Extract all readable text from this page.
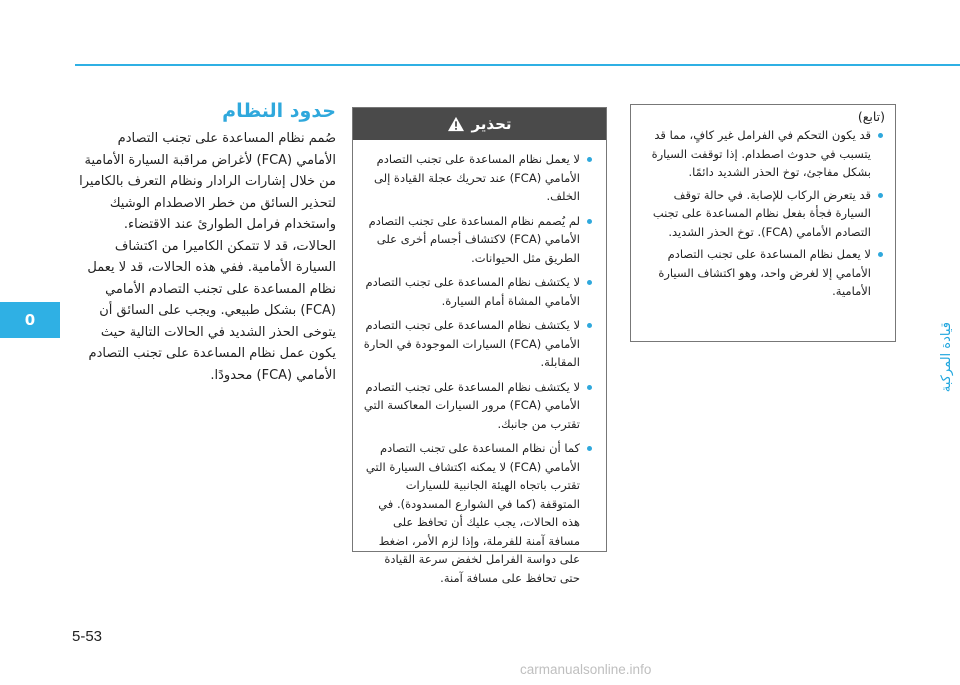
0
قيادة المركبة
5-53
carmanualsonline.info

(تابع)

قد يكون التحكم في الفرامل غير كافٍ، مما قد يتسبب في حدوث اصطدام. إذا توقفت السيارة بشكل مفاجئ، توخ الحذر الشديد دائمًا.
قد يتعرض الركاب للإصابة. في حالة توقف السيارة فجأة بفعل نظام المساعدة على تجنب التصادم الأمامي (FCA). توخ الحذر الشديد.
لا يعمل نظام المساعدة على تجنب التصادم الأمامي إلا لغرض واحد، وهو اكتشاف السيارة الأمامية.
تحذير
لا يعمل نظام المساعدة على تجنب التصادم الأمامي (FCA) عند تحريك عجلة القيادة إلى الخلف.
لم يُصمم نظام المساعدة على تجنب التصادم الأمامي (FCA) لاكتشاف أجسام أخرى على الطريق مثل الحيوانات.
لا يكتشف نظام المساعدة على تجنب التصادم الأمامي المشاة أمام السيارة.
لا يكتشف نظام المساعدة على تجنب التصادم الأمامي (FCA) السيارات الموجودة في الحارة المقابلة.
لا يكتشف نظام المساعدة على تجنب التصادم الأمامي (FCA) مرور السيارات المعاكسة التي تقترب من جانبك.
كما أن نظام المساعدة على تجنب التصادم الأمامي (FCA) لا يمكنه اكتشاف السيارة التي تقترب باتجاه الهيئة الجانبية للسيارات المتوقفة (كما في الشوارع المسدودة). في هذه الحالات، يجب عليك أن تحافظ على مسافة آمنة للفرملة، وإذا لزم الأمر، اضغط على دواسة الفرامل لخفض سرعة القيادة حتى تحافظ على مسافة آمنة.
حدود النظام

صُمم نظام المساعدة على تجنب التصادم الأمامي (FCA) لأغراض مراقبة السيارة الأمامية من خلال إشارات الرادار ونظام التعرف بالكاميرا لتحذير السائق من خطر الاصطدام الوشيك واستخدام فرامل الطوارئ عند الاقتضاء.

الحالات، قد لا تتمكن الكاميرا من اكتشاف السيارة الأمامية. ففي هذه الحالات، قد لا يعمل نظام المساعدة على تجنب التصادم الأمامي (FCA) بشكل طبيعي. ويجب على السائق أن يتوخى الحذر الشديد في الحالات التالية حيث يكون عمل نظام المساعدة على تجنب التصادم الأمامي (FCA) محدودًا.
